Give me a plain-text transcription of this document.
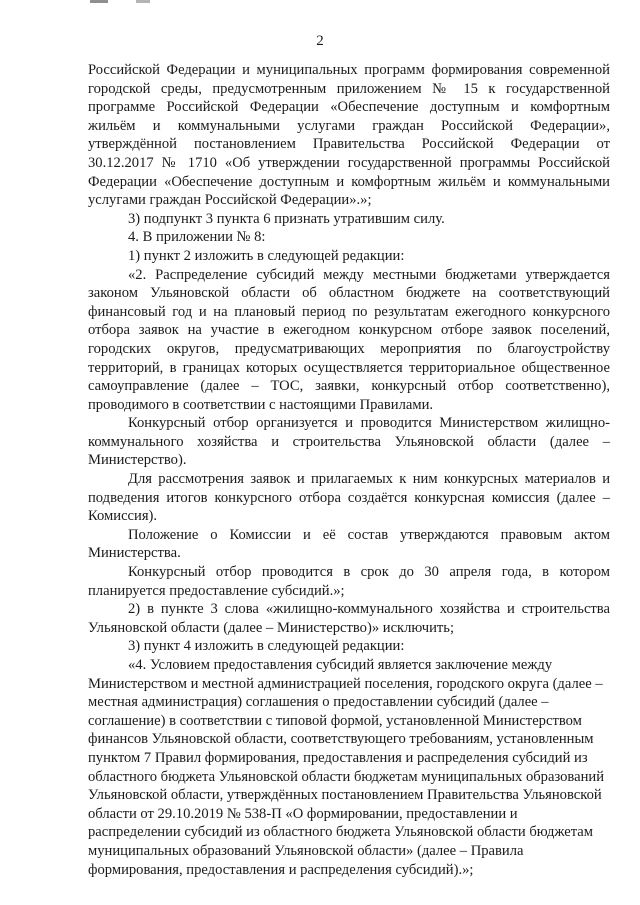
2

Российской Федерации и муниципальных программ формирования современной городской среды, предусмотренным приложением № 15 к государственной программе Российской Федерации «Обеспечение доступным и комфортным жильём и коммунальными услугами граждан Российской Федерации», утверждённой постановлением Правительства Российской Федерации от 30.12.2017 № 1710 «Об утверждении государственной программы Российской Федерации «Обеспечение доступным и комфортным жильём и коммунальными услугами граждан Российской Федерации».»;

3) подпункт 3 пункта 6 признать утратившим силу.

4. В приложении № 8:

1) пункт 2 изложить в следующей редакции:

«2. Распределение субсидий между местными бюджетами утверждается законом Ульяновской области об областном бюджете на соответствующий финансовый год и на плановый период по результатам ежегодного конкурсного отбора заявок на участие в ежегодном конкурсном отборе заявок поселений, городских округов, предусматривающих мероприятия по благоустройству территорий, в границах которых осуществляется территориальное общественное самоуправление (далее – ТОС, заявки, конкурсный отбор соответственно), проводимого в соответствии с настоящими Правилами.

Конкурсный отбор организуется и проводится Министерством жилищно-коммунального хозяйства и строительства Ульяновской области (далее – Министерство).

Для рассмотрения заявок и прилагаемых к ним конкурсных материалов и подведения итогов конкурсного отбора создаётся конкурсная комиссия (далее – Комиссия).

Положение о Комиссии и её состав утверждаются правовым актом Министерства.

Конкурсный отбор проводится в срок до 30 апреля года, в котором планируется предоставление субсидий.»;

2) в пункте 3 слова «жилищно-коммунального хозяйства и строительства Ульяновской области (далее – Министерство)» исключить;

3) пункт 4 изложить в следующей редакции:

«4. Условием предоставления субсидий является заключение между Министерством и местной администрацией поселения, городского округа (далее – местная администрация) соглашения о предоставлении субсидий (далее – соглашение) в соответствии с типовой формой, установленной Министерством финансов Ульяновской области, соответствующего требованиям, установленным пунктом 7 Правил формирования, предоставления и распределения субсидий из областного бюджета Ульяновской области бюджетам муниципальных образований Ульяновской области, утверждённых постановлением Правительства Ульяновской области от 29.10.2019 № 538-П «О формировании, предоставлении и распределении субсидий из областного бюджета Ульяновской области бюджетам муниципальных образований Ульяновской области» (далее – Правила формирования, предоставления и распределения субсидий).»;
